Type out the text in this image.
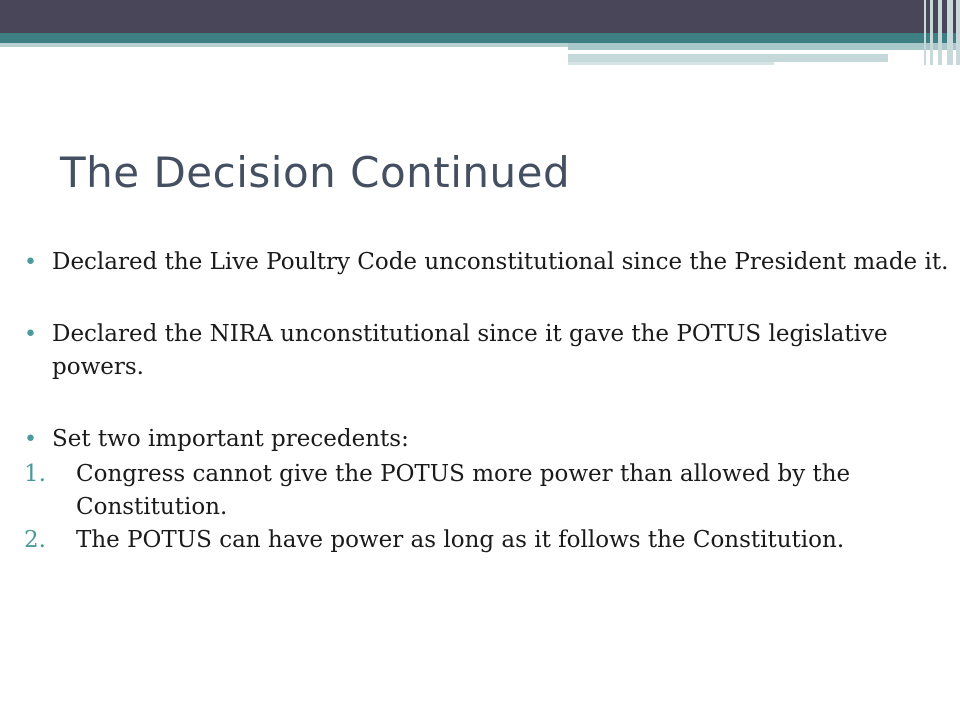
The Decision Continued
• Declared the Live Poultry Code unconstitutional since the President made it.
• Declared the NIRA unconstitutional since it gave the POTUS legislative powers.
• Set two important precedents:
1.	Congress cannot give the POTUS more power than allowed by the Constitution.
2.	The POTUS can have power as long as it follows the Constitution.
